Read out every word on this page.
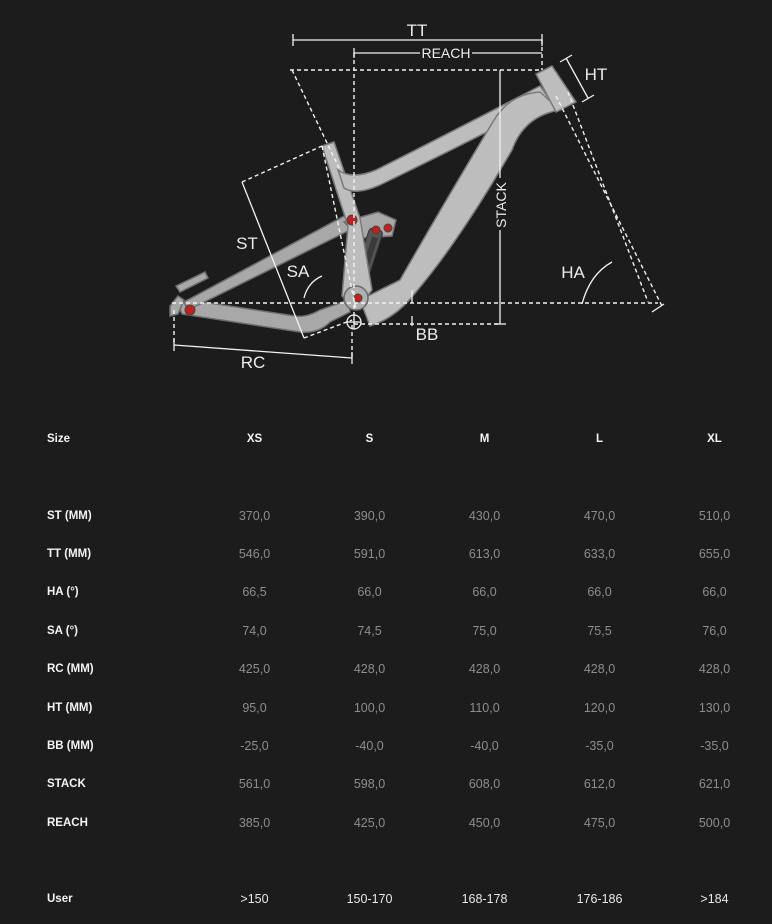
TT
REACH
HT
HA
STACK
BB
ST
SA
RC
Size	XS	S	M	L	XL

ST (MM)	370,0	390,0	430,0	470,0	510,0
TT (MM)	546,0	591,0	613,0	633,0	655,0
HA (°)	66,5	66,0	66,0	66,0	66,0
SA (°)	74,0	74,5	75,0	75,5	76,0
RC (MM)	425,0	428,0	428,0	428,0	428,0
HT (MM)	95,0	100,0	110,0	120,0	130,0
BB (MM)	-25,0	-40,0	-40,0	-35,0	-35,0
STACK	561,0	598,0	608,0	612,0	621,0
REACH	385,0	425,0	450,0	475,0	500,0

User	>150	150-170	168-178	176-186	>184
